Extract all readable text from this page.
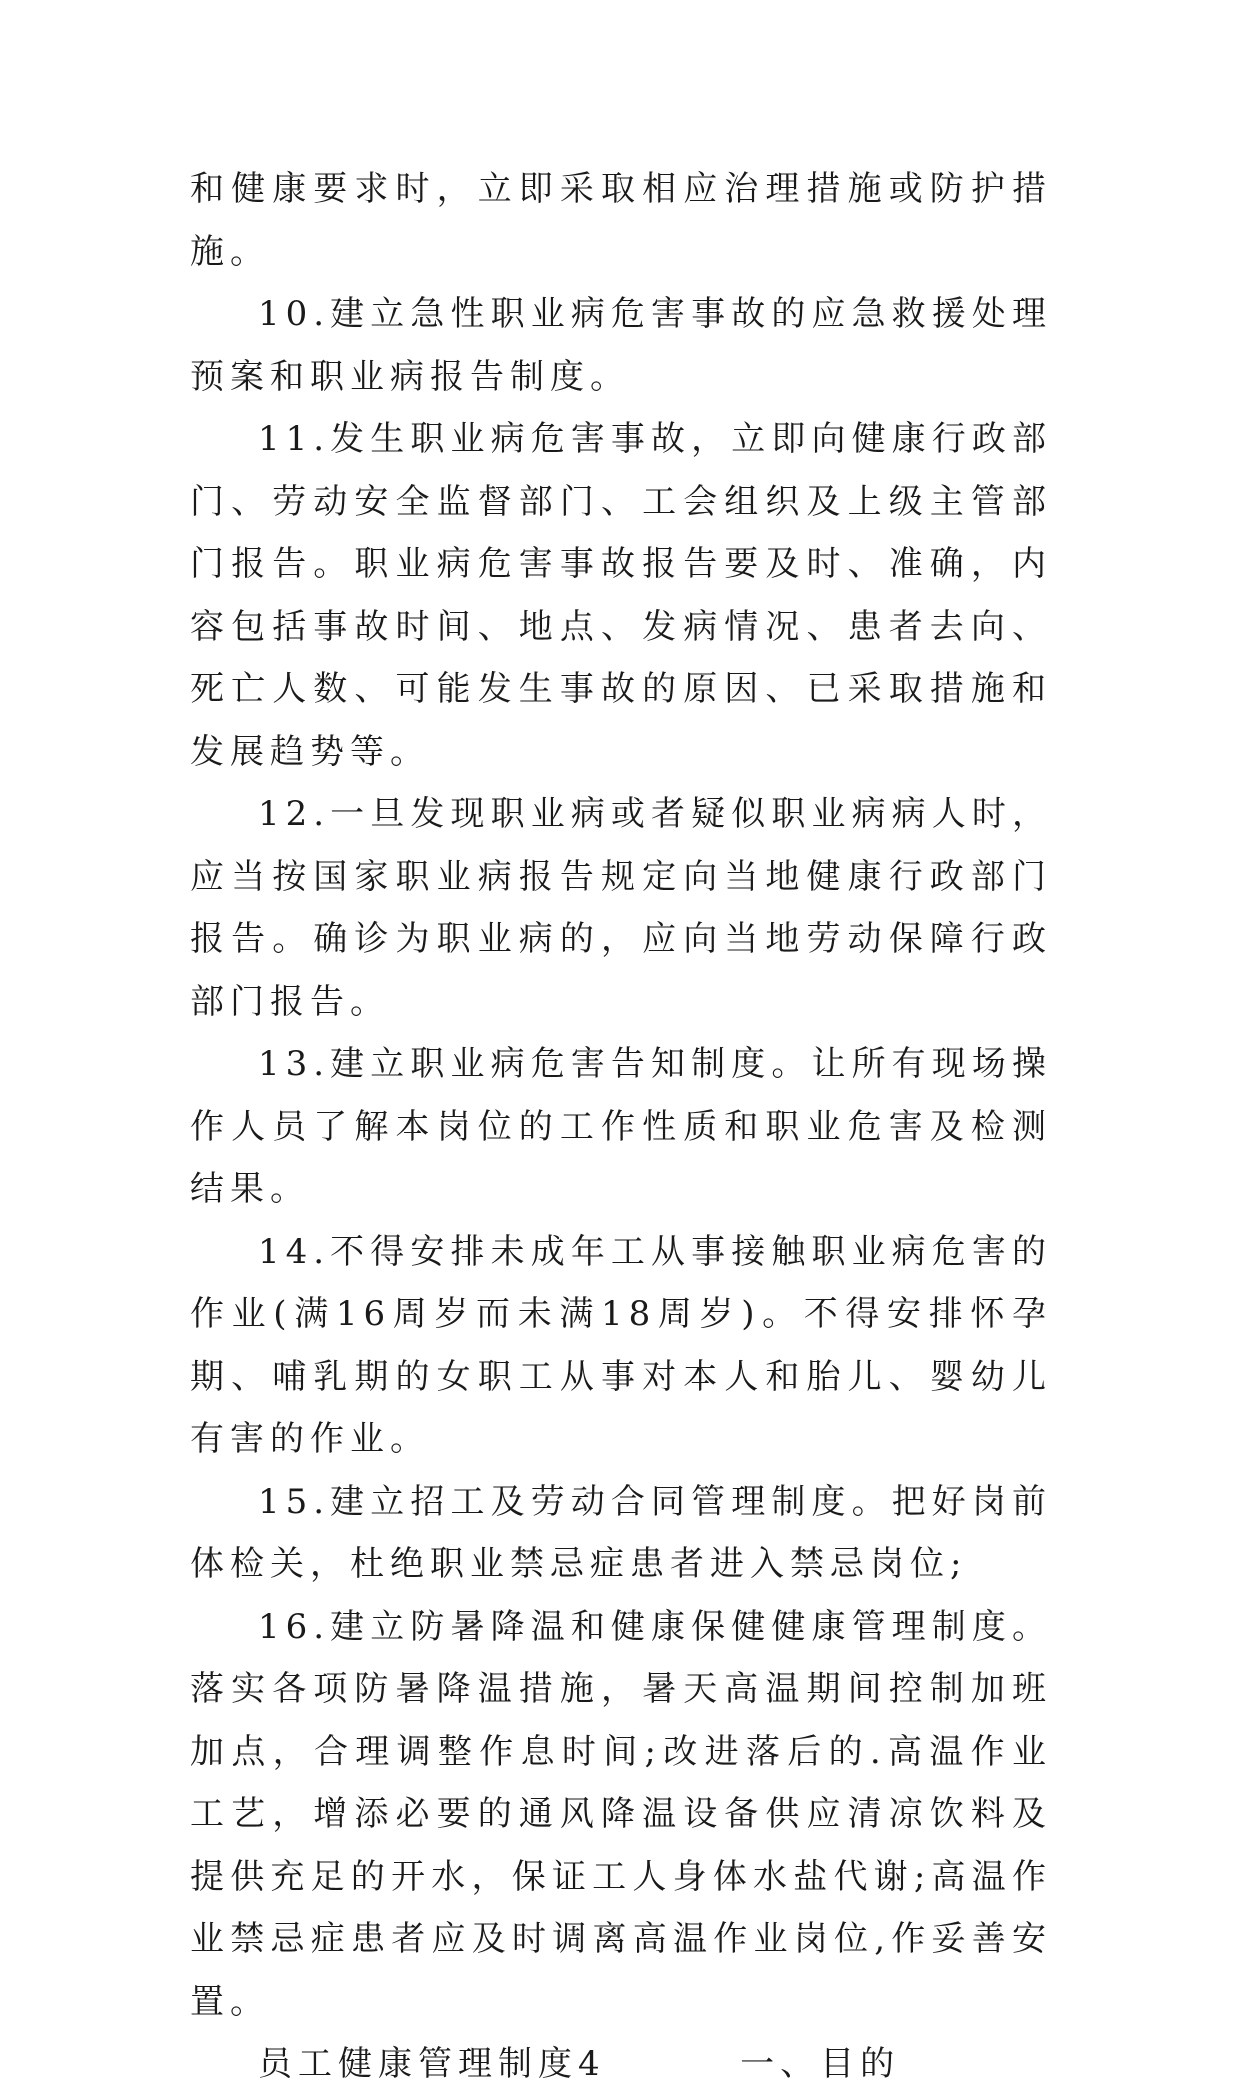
和健康要求时，立即采取相应治理措施或防护措施。

10.建立急性职业病危害事故的应急救援处理预案和职业病报告制度。

11.发生职业病危害事故，立即向健康行政部门、劳动安全监督部门、工会组织及上级主管部门报告。职业病危害事故报告要及时、准确，内容包括事故时间、地点、发病情况、患者去向、死亡人数、可能发生事故的原因、已采取措施和发展趋势等。

12.一旦发现职业病或者疑似职业病病人时，应当按国家职业病报告规定向当地健康行政部门报告。确诊为职业病的，应向当地劳动保障行政部门报告。

13.建立职业病危害告知制度。让所有现场操作人员了解本岗位的工作性质和职业危害及检测结果。

14.不得安排未成年工从事接触职业病危害的作业(满16周岁而未满18周岁)。不得安排怀孕期、哺乳期的女职工从事对本人和胎儿、婴幼儿有害的作业。

15.建立招工及劳动合同管理制度。把好岗前体检关，杜绝职业禁忌症患者进入禁忌岗位;

16.建立防暑降温和健康保健健康管理制度。落实各项防暑降温措施，暑天高温期间控制加班加点，合理调整作息时间;改进落后的.高温作业工艺，增添必要的通风降温设备供应清凉饮料及提供充足的开水，保证工人身体水盐代谢;高温作业禁忌症患者应及时调离高温作业岗位,作妥善安置。

员工健康管理制度4	一、目的
